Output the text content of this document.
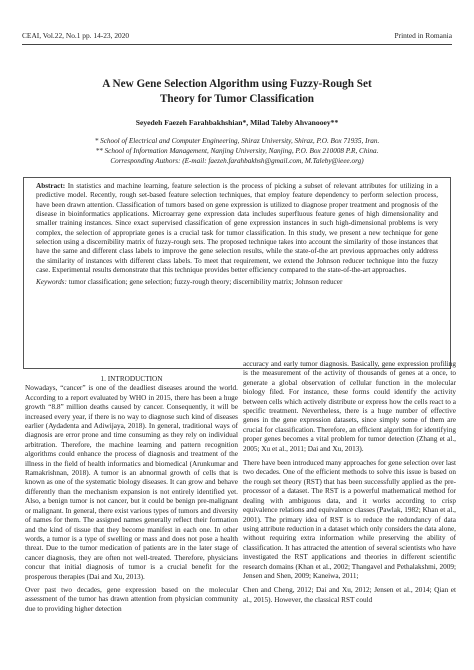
CEAI, Vol.22, No.1 pp. 14-23, 2020	Printed in Romania
A New Gene Selection Algorithm using Fuzzy-Rough Set
Theory for Tumor Classification
Seyedeh Faezeh Farahbakhshian*, Milad Taleby Ahvanooey**
* School of Electrical and Computer Engineering, Shiraz University, Shiraz, P.O. Box 71935, Iran.
** School of Information Management, Nanjing University, Nanjing, P.O. Box 210008 P.R, China.
Corresponding Authors: (E-mail: faezeh.farahbakhsh@gmail.com, M.Taleby@ieee.org)

Abstract: In statistics and machine learning, feature selection is the process of picking a subset of relevant attributes for utilizing in a predictive model. Recently, rough set-based feature selection techniques, that employ feature dependency to perform selection process, have been drawn attention. Classification of tumors based on gene expression is utilized to diagnose proper treatment and prognosis of the disease in bioinformatics applications. Microarray gene expression data includes superfluous feature genes of high dimensionality and smaller training instances. Since exact supervised classification of gene expression instances in such high-dimensional problems is very complex, the selection of appropriate genes is a crucial task for tumor classification. In this study, we present a new technique for gene selection using a discernibility matrix of fuzzy-rough sets. The proposed technique takes into account the similarity of those instances that have the same and different class labels to improve the gene selection results, while the state-of-the art previous approaches only address the similarity of instances with different class labels. To meet that requirement, we extend the Johnson reducer technique into the fuzzy case. Experimental results demonstrate that this technique provides better efficiency compared to the state-of-the-art approaches.

Keywords: tumor classification; gene selection; fuzzy-rough theory; discernibility matrix; Johnson reducer

1. INTRODUCTION

Nowadays, “cancer” is one of the deadliest diseases around the world. According to a report evaluated by WHO in 2015, there has been a huge growth “8.8” million deaths caused by cancer. Consequently, it will be increased every year, if there is no way to diagnose such kind of diseases earlier (Aydadenta and Adiwijaya, 2018). In general, traditional ways of diagnosis are error prone and time consuming as they rely on individual arbitration. Therefore, the machine learning and pattern recognition algorithms could enhance the process of diagnosis and treatment of the illness in the field of health informatics and biomedical (Arunkumar and Ramakrishnan, 2018). A tumor is an abnormal growth of cells that is known as one of the systematic biology diseases. It can grow and behave differently than the mechanism expansion is not entirely identified yet. Also, a benign tumor is not cancer, but it could be benign pre-malignant or malignant. In general, there exist various types of tumors and diversity of names for them. The assigned names generally reflect their formation and the kind of tissue that they become manifest in each one. In other words, a tumor is a type of swelling or mass and does not pose a health threat. Due to the tumor medication of patients are in the later stage of cancer diagnosis, they are often not well-treated. Therefore, physicians concur that initial diagnosis of tumor is a crucial benefit for the prosperous therapies (Dai and Xu, 2013).

Over past two decades, gene expression based on the molecular assessment of the tumor has drawn attention from physician community due to providing higher detection

accuracy and early tumor diagnosis. Basically, gene expression profiling is the measurement of the activity of thousands of genes at a once, to generate a global observation of cellular function in the molecular biology filed. For instance, these forms could identify the activity between cells which actively distribute or express how the cells react to a specific treatment. Nevertheless, there is a huge number of effective genes in the gene expression datasets, since simply some of them are crucial for classification. Therefore, an efficient algorithm for identifying proper genes becomes a vital problem for tumor detection (Zhang et al., 2005; Xu et al., 2011; Dai and Xu, 2013).

There have been introduced many approaches for gene selection over last two decades. One of the efficient methods to solve this issue is based on the rough set theory (RST) that has been successfully applied as the pre-processor of a dataset. The RST is a powerful mathematical method for dealing with ambiguous data, and it works according to crisp equivalence relations and equivalence classes (Pawlak, 1982; Khan et al., 2001). The primary idea of RST is to reduce the redundancy of data using attribute reduction in a dataset which only considers the data alone, without requiring extra information while preserving the ability of classification. It has attracted the attention of several scientists who have investigated the RST applications and theories in different scientific research domains (Khan et al., 2002; Thangavel and Pethalakshmi, 2009; Jensen and Shen, 2009; Kaneiwa, 2011;

Chen and Cheng, 2012; Dai and Xu, 2012; Jensen et al., 2014; Qian et al., 2015). However, the classical RST could
